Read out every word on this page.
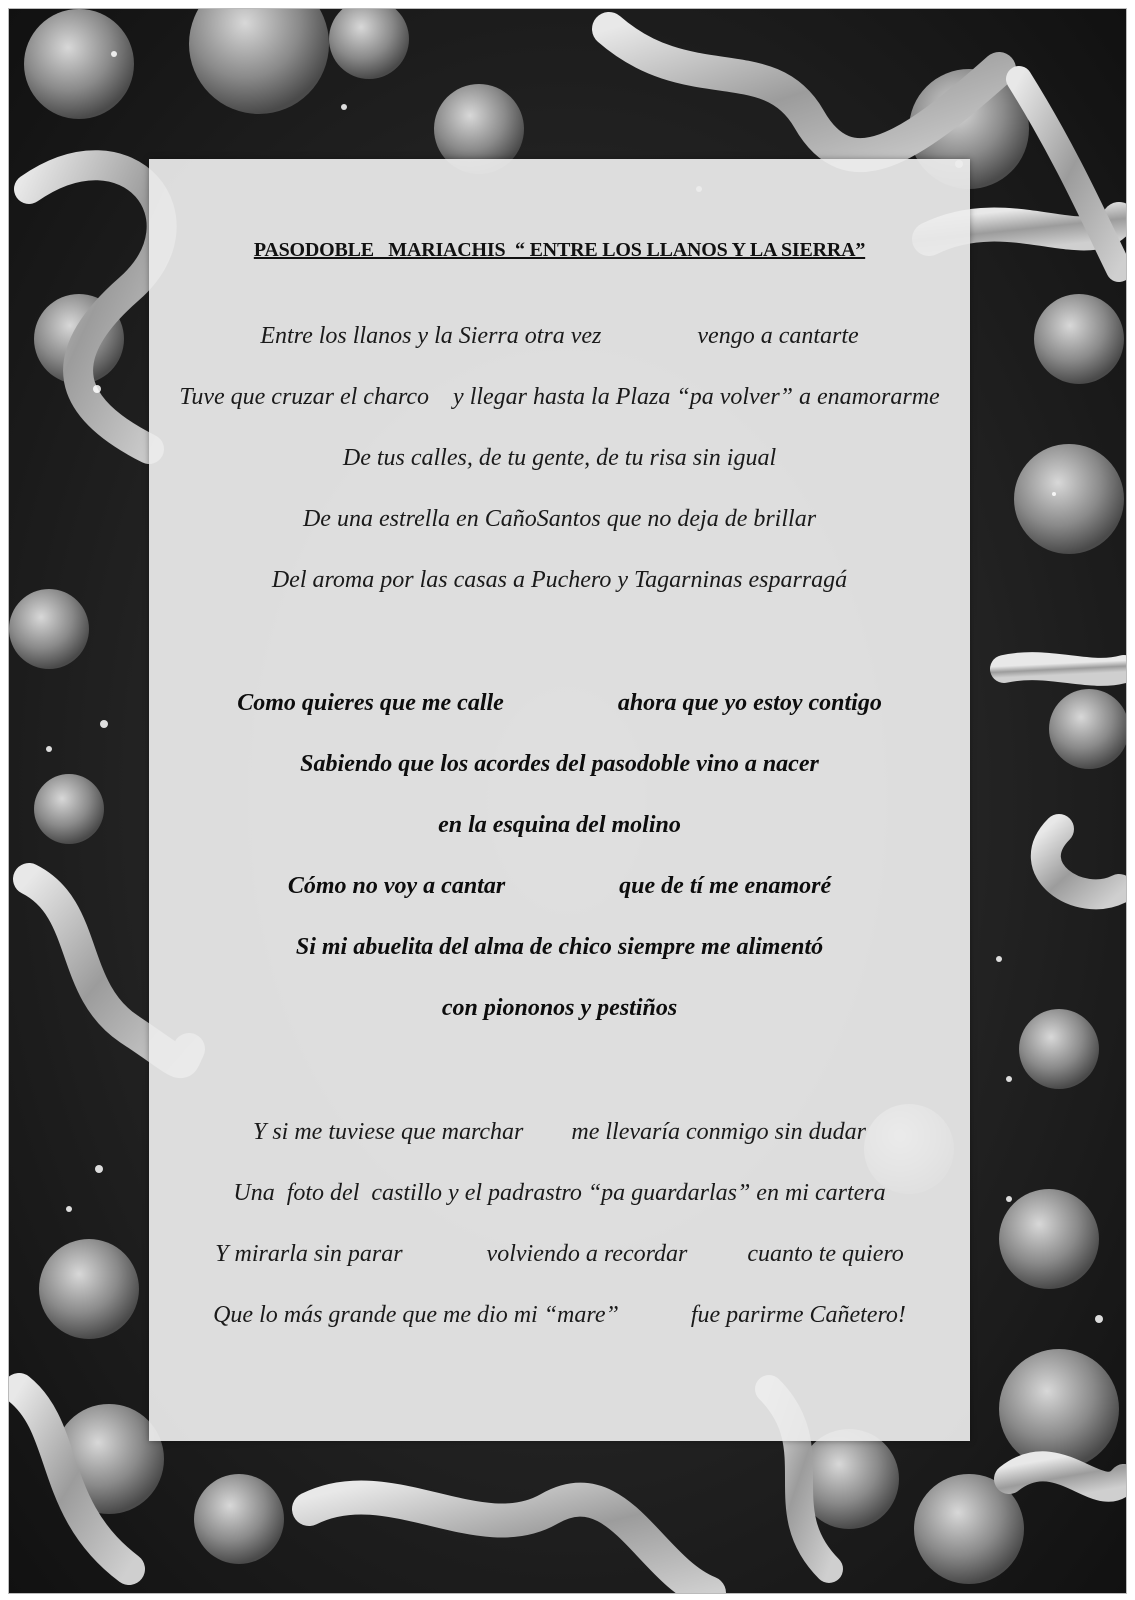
PASODOBLE   MARIACHIS  “ ENTRE LOS LLANOS Y LA SIERRA”
Entre los llanos y la Sierra otra vez                vengo a cantarte
Tuve que cruzar el charco    y llegar hasta la Plaza “pa volver” a enamorarme
De tus calles, de tu gente, de tu risa sin igual
De una estrella en CañoSantos que no deja de brillar
Del aroma por las casas a Puchero y Tagarninas esparragá
Como quieres que me calle                   ahora que yo estoy contigo
Sabiendo que los acordes del pasodoble vino a nacer
en la esquina del molino
Cómo no voy a cantar                   que de tí me enamoré
Si mi abuelita del alma de chico siempre me alimentó
con piononos y pestiños
Y si me tuviese que marchar        me llevaría conmigo sin dudar
Una  foto del  castillo y el padrastro “pa guardarlas” en mi cartera
Y mirarla sin parar              volviendo a recordar          cuanto te quiero
Que lo más grande que me dio mi “mare”            fue parirme Cañetero!
